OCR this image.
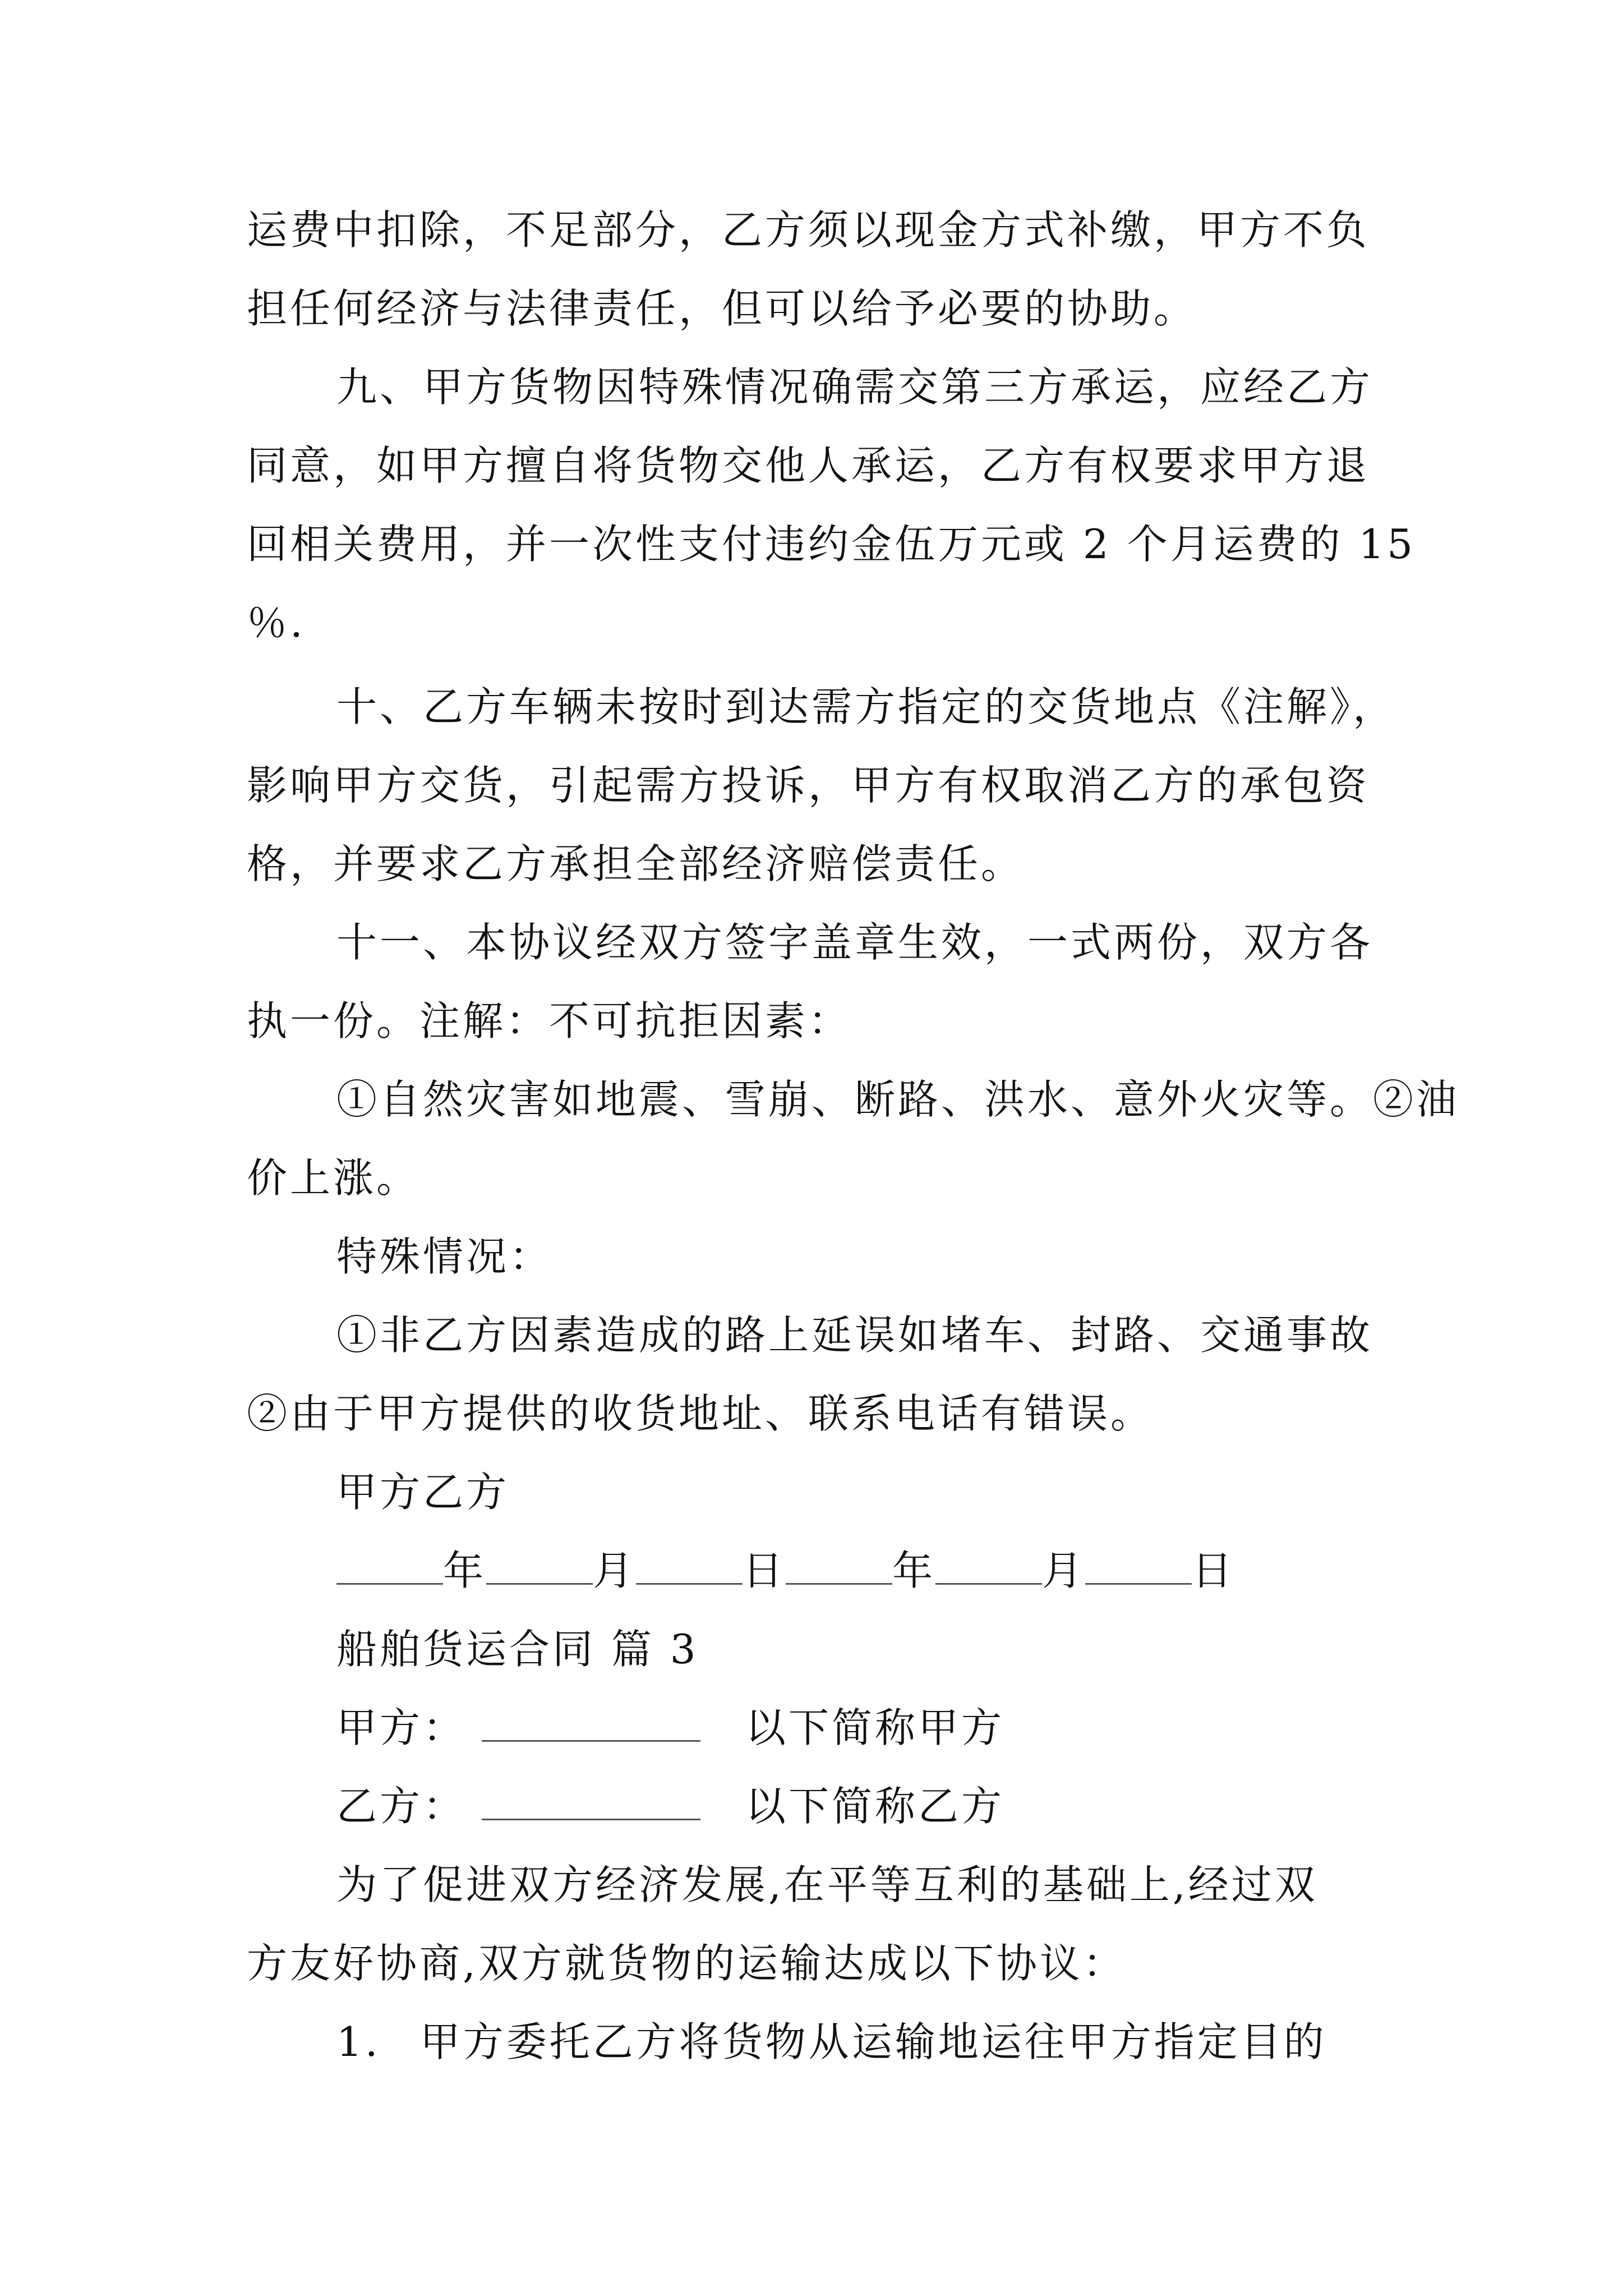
运费中扣除，不足部分，乙方须以现金方式补缴，甲方不负
担任何经济与法律责任，但可以给予必要的协助。
九、甲方货物因特殊情况确需交第三方承运，应经乙方
同意，如甲方擅自将货物交他人承运，乙方有权要求甲方退
回相关费用，并一次性支付违约金伍万元或 2 个月运费的 15
％.
十、乙方车辆未按时到达需方指定的交货地点《注解》，
影响甲方交货，引起需方投诉，甲方有权取消乙方的承包资
格，并要求乙方承担全部经济赔偿责任。
十一、本协议经双方签字盖章生效，一式两份，双方各
执一份。注解：不可抗拒因素：
①自然灾害如地震、雪崩、断路、洪水、意外火灾等。②油
价上涨。
特殊情况：
①非乙方因素造成的路上延误如堵车、封路、交通事故
②由于甲方提供的收货地址、联系电话有错误。
甲方乙方
年	月	日	年	月	日
船舶货运合同 篇 3
甲方：	以下简称甲方
乙方：	以下简称乙方
为了促进双方经济发展,在平等互利的基础上,经过双
方友好协商,双方就货物的运输达成以下协议：
1. 甲方委托乙方将货物从运输地运往甲方指定目的
